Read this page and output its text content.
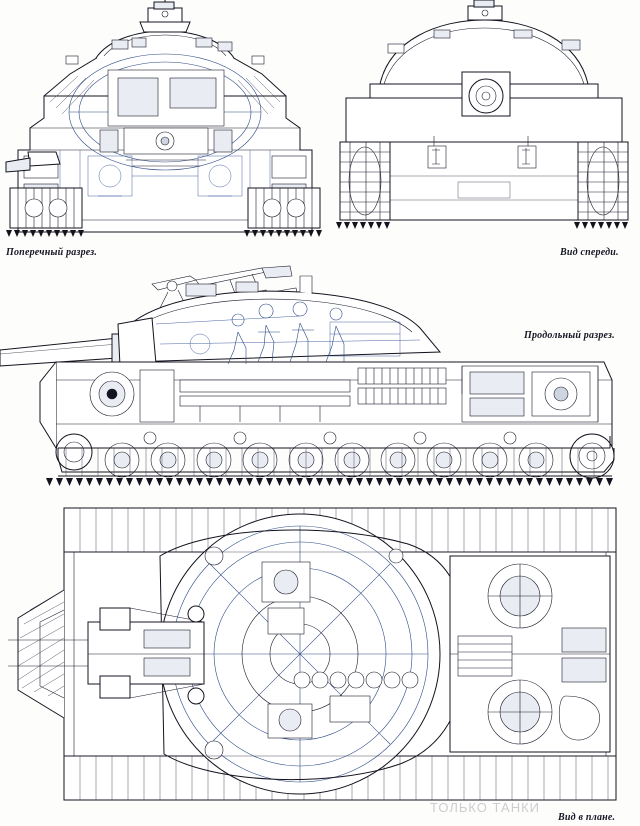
Поперечный разрез.	Вид спереди.
Продольный разрез.
Вид в плане.
ТОЛЬКО ТАНКИ
